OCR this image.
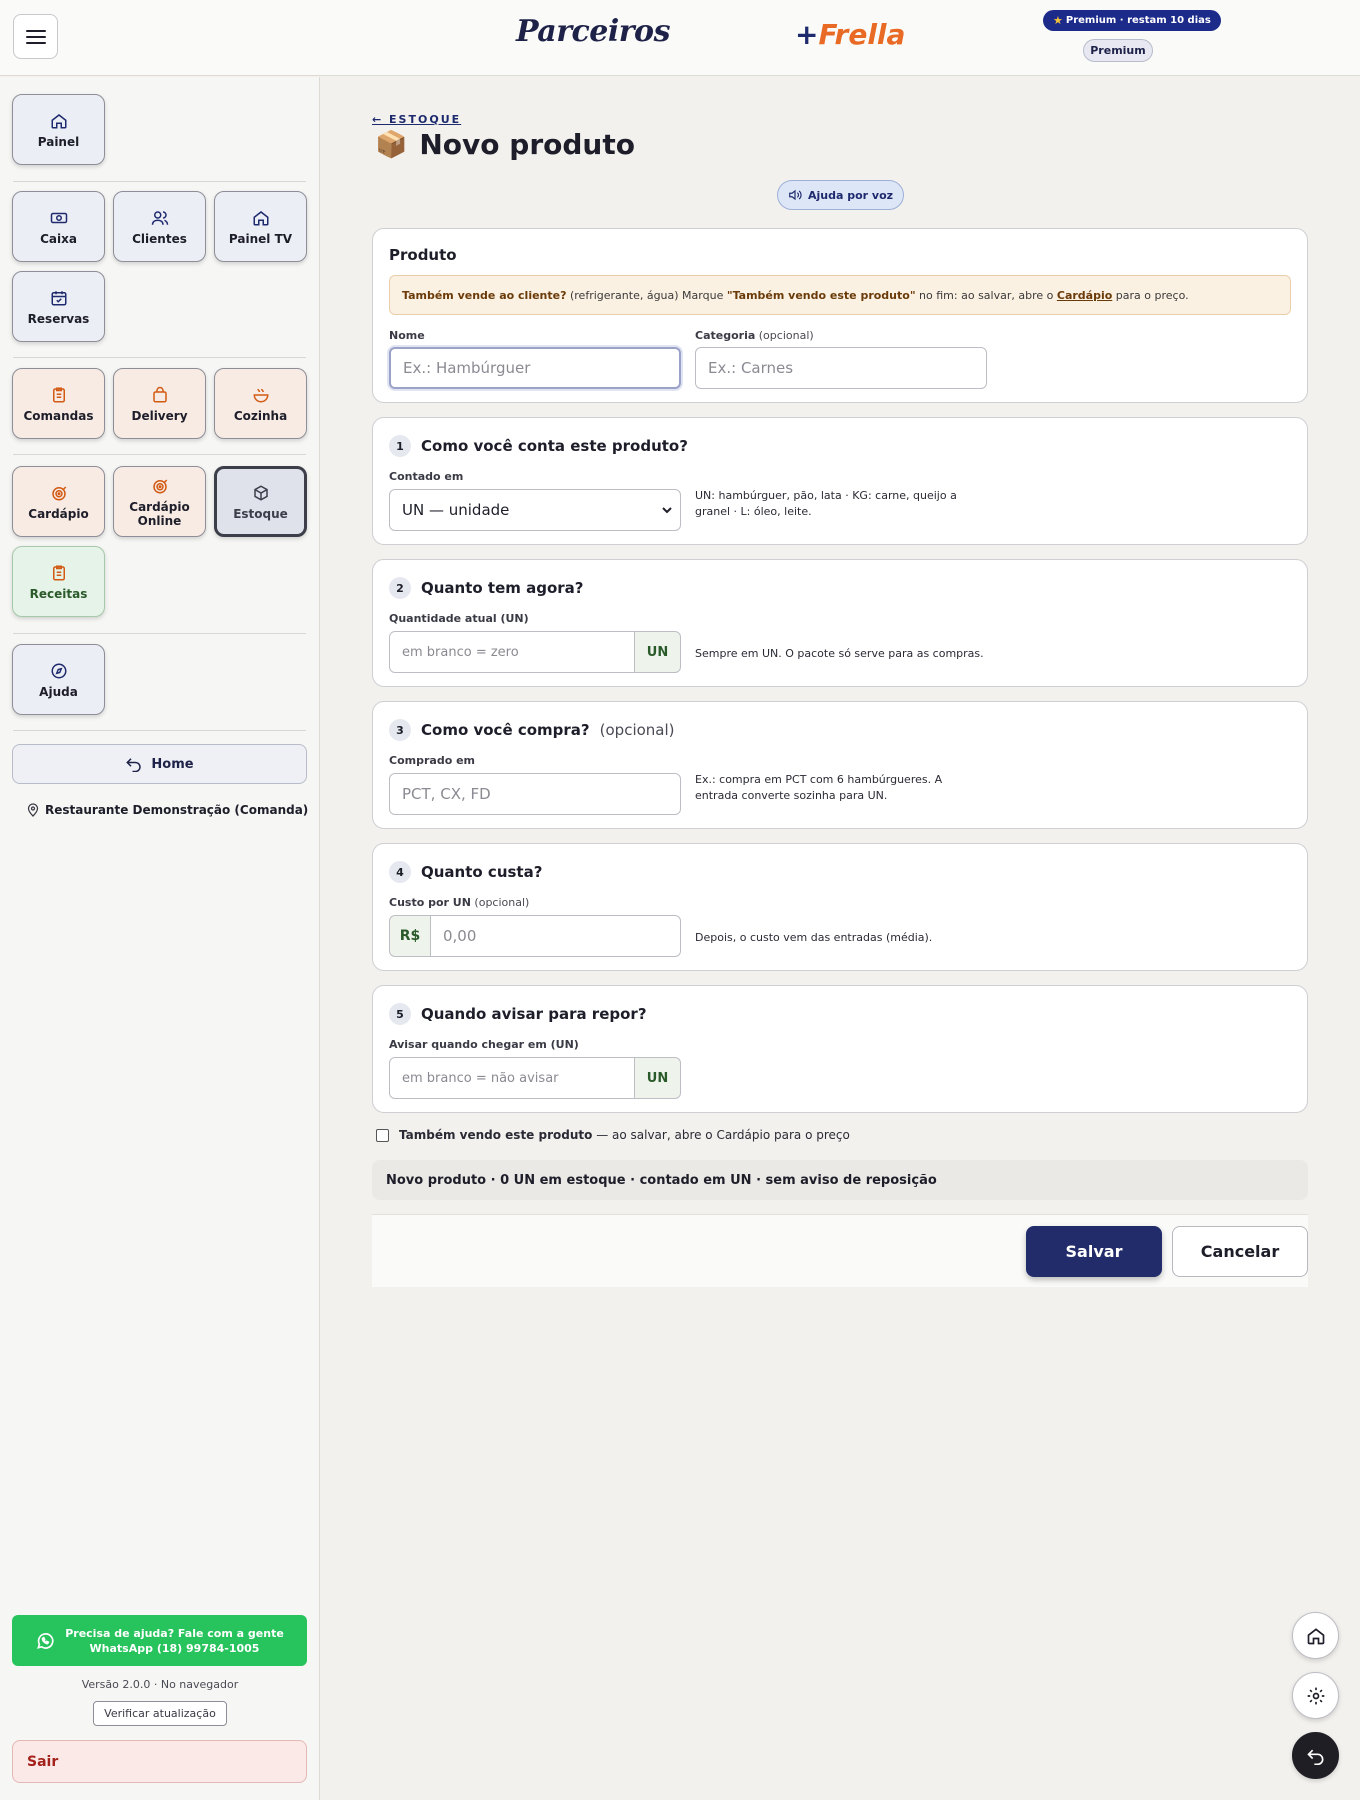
Parceiros	+Frella	★ Premium · restam 10 dias
Premium
Painel
Caixa	Clientes	Painel TV
Reservas
Comandas	Delivery	Cozinha
Cardápio	Cardápio Online	Estoque
Receitas
Ajuda
Home
Restaurante Demonstração (Comanda)
Precisa de ajuda? Fale com a gente
WhatsApp (18) 99784-1005
Versão 2.0.0 · No navegador
Verificar atualização
Sair
← ESTOQUE
📦 Novo produto
Ajuda por voz
Produto
Também vende ao cliente? (refrigerante, água) Marque "Também vendo este produto" no fim: ao salvar, abre o Cardápio para o preço.
Nome
Ex.: Hambúrguer
Categoria (opcional)
Ex.: Carnes
1	Como você conta este produto?
Contado em
UN — unidade
UN: hambúrguer, pão, lata · KG: carne, queijo a granel · L: óleo, leite.
2	Quanto tem agora?
Quantidade atual (UN)
em branco = zero	UN	Sempre em UN. O pacote só serve para as compras.
3	Como você compra? (opcional)
Comprado em
PCT, CX, FD
Ex.: compra em PCT com 6 hambúrgueres. A entrada converte sozinha para UN.
4	Quanto custa?
Custo por UN (opcional)
R$	0,00	Depois, o custo vem das entradas (média).
5	Quando avisar para repor?
Avisar quando chegar em (UN)
em branco = não avisar	UN
Também vendo este produto — ao salvar, abre o Cardápio para o preço
Novo produto · 0 UN em estoque · contado em UN · sem aviso de reposição
Salvar	Cancelar
